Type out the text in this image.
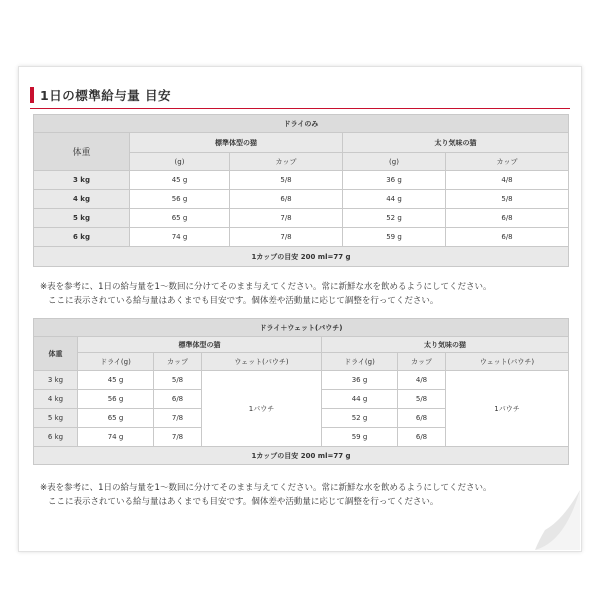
1日の標準給与量 目安
ドライのみ				
体重	標準体型の猫		太り気味の猫	
	(g)	カップ	(g)	カップ
3 kg	45 g	5/8	36 g	4/8
4 kg	56 g	6/8	44 g	5/8
5 kg	65 g	7/8	52 g	6/8
6 kg	74 g	7/8	59 g	6/8
1カップの目安 200 ml=77 g				
※表を参考に、1日の給与量を1～数回に分けてそのまま与えてください。常に新鮮な水を飲めるようにしてください。
ここに表示されている給与量はあくまでも目安です。個体差や活動量に応じて調整を行ってください。
ドライ＋ウェット(パウチ)						
体重	標準体型の猫			太り気味の猫		
	ドライ(g)	カップ	ウェット(パウチ)	ドライ(g)	カップ	ウェット(パウチ)
3 kg	45 g	5/8	1パウチ	36 g	4/8	1パウチ
4 kg	56 g	6/8		44 g	5/8	
5 kg	65 g	7/8		52 g	6/8	
6 kg	74 g	7/8		59 g	6/8	
1カップの目安 200 ml=77 g						
※表を参考に、1日の給与量を1～数回に分けてそのまま与えてください。常に新鮮な水を飲めるようにしてください。
ここに表示されている給与量はあくまでも目安です。個体差や活動量に応じて調整を行ってください。
